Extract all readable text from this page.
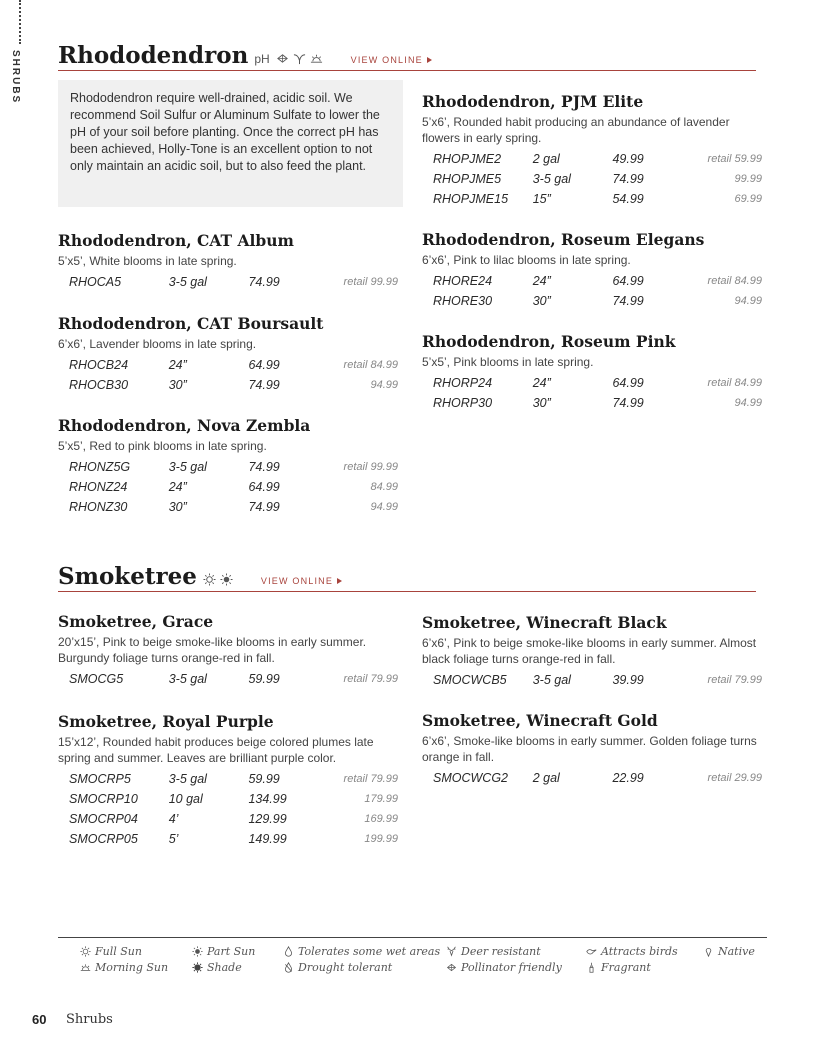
SHRUBS Rhododendron pH	VIEW ONLINE
Rhododendron require well-drained, acidic soil. We recommend Soil Sulfur or Aluminum Sulfate to lower the pH of your soil before planting. Once the correct pH has been achieved, Holly-Tone is an excellent option to not only maintain an acidic soil, but to also feed the plant.
Rhododendron, CAT Album
5’x5’, White blooms in late spring.
RHOCA5	3-5 gal	74.99	retail 99.99
Rhododendron, CAT Boursault
6’x6’, Lavender blooms in late spring.
RHOCB24	24”	64.99	retail 84.99
RHOCB30	30”	74.99	94.99
Rhododendron, Nova Zembla
5’x5’, Red to pink blooms in late spring.
RHONZ5G	3-5 gal	74.99	retail 99.99
RHONZ24	24”	64.99	84.99
RHONZ30	30”	74.99	94.99
Rhododendron, PJM Elite
5’x6’, Rounded habit producing an abundance of lavender flowers in early spring.
RHOPJME2	2 gal	49.99	retail 59.99
RHOPJME5	3-5 gal	74.99	99.99
RHOPJME15	15”	54.99	69.99
Rhododendron, Roseum Elegans
6’x6’, Pink to lilac blooms in late spring.
RHORE24	24”	64.99	retail 84.99
RHORE30	30”	74.99	94.99
Rhododendron, Roseum Pink
5’x5’, Pink blooms in late spring.
RHORP24	24”	64.99	retail 84.99
RHORP30	30”	74.99	94.99
Smoketree	VIEW ONLINE
Smoketree, Grace
20’x15’, Pink to beige smoke-like blooms in early summer. Burgundy foliage turns orange-red in fall.
SMOCG5	3-5 gal	59.99	retail 79.99
Smoketree, Royal Purple
15’x12’, Rounded habit produces beige colored plumes late spring and summer. Leaves are brilliant purple color.
SMOCRP5	3-5 gal	59.99	retail 79.99
SMOCRP10	10 gal	134.99	179.99
SMOCRP04	4’	129.99	169.99
SMOCRP05	5’	149.99	199.99
Smoketree, Winecraft Black
6’x6’, Pink to beige smoke-like blooms in early summer. Almost black foliage turns orange-red in fall.
SMOCWCB5	3-5 gal	39.99	retail 79.99
Smoketree, Winecraft Gold
6’x6’, Smoke-like blooms in early summer. Golden foliage turns orange in fall.
SMOCWCG2	2 gal	22.99	retail 29.99
Full Sun
Morning Sun
Part Sun
Shade
Tolerates some wet areas
Drought tolerant
Deer resistant
Pollinator friendly
Attracts birds
Fragrant
Native
60 Shrubs
